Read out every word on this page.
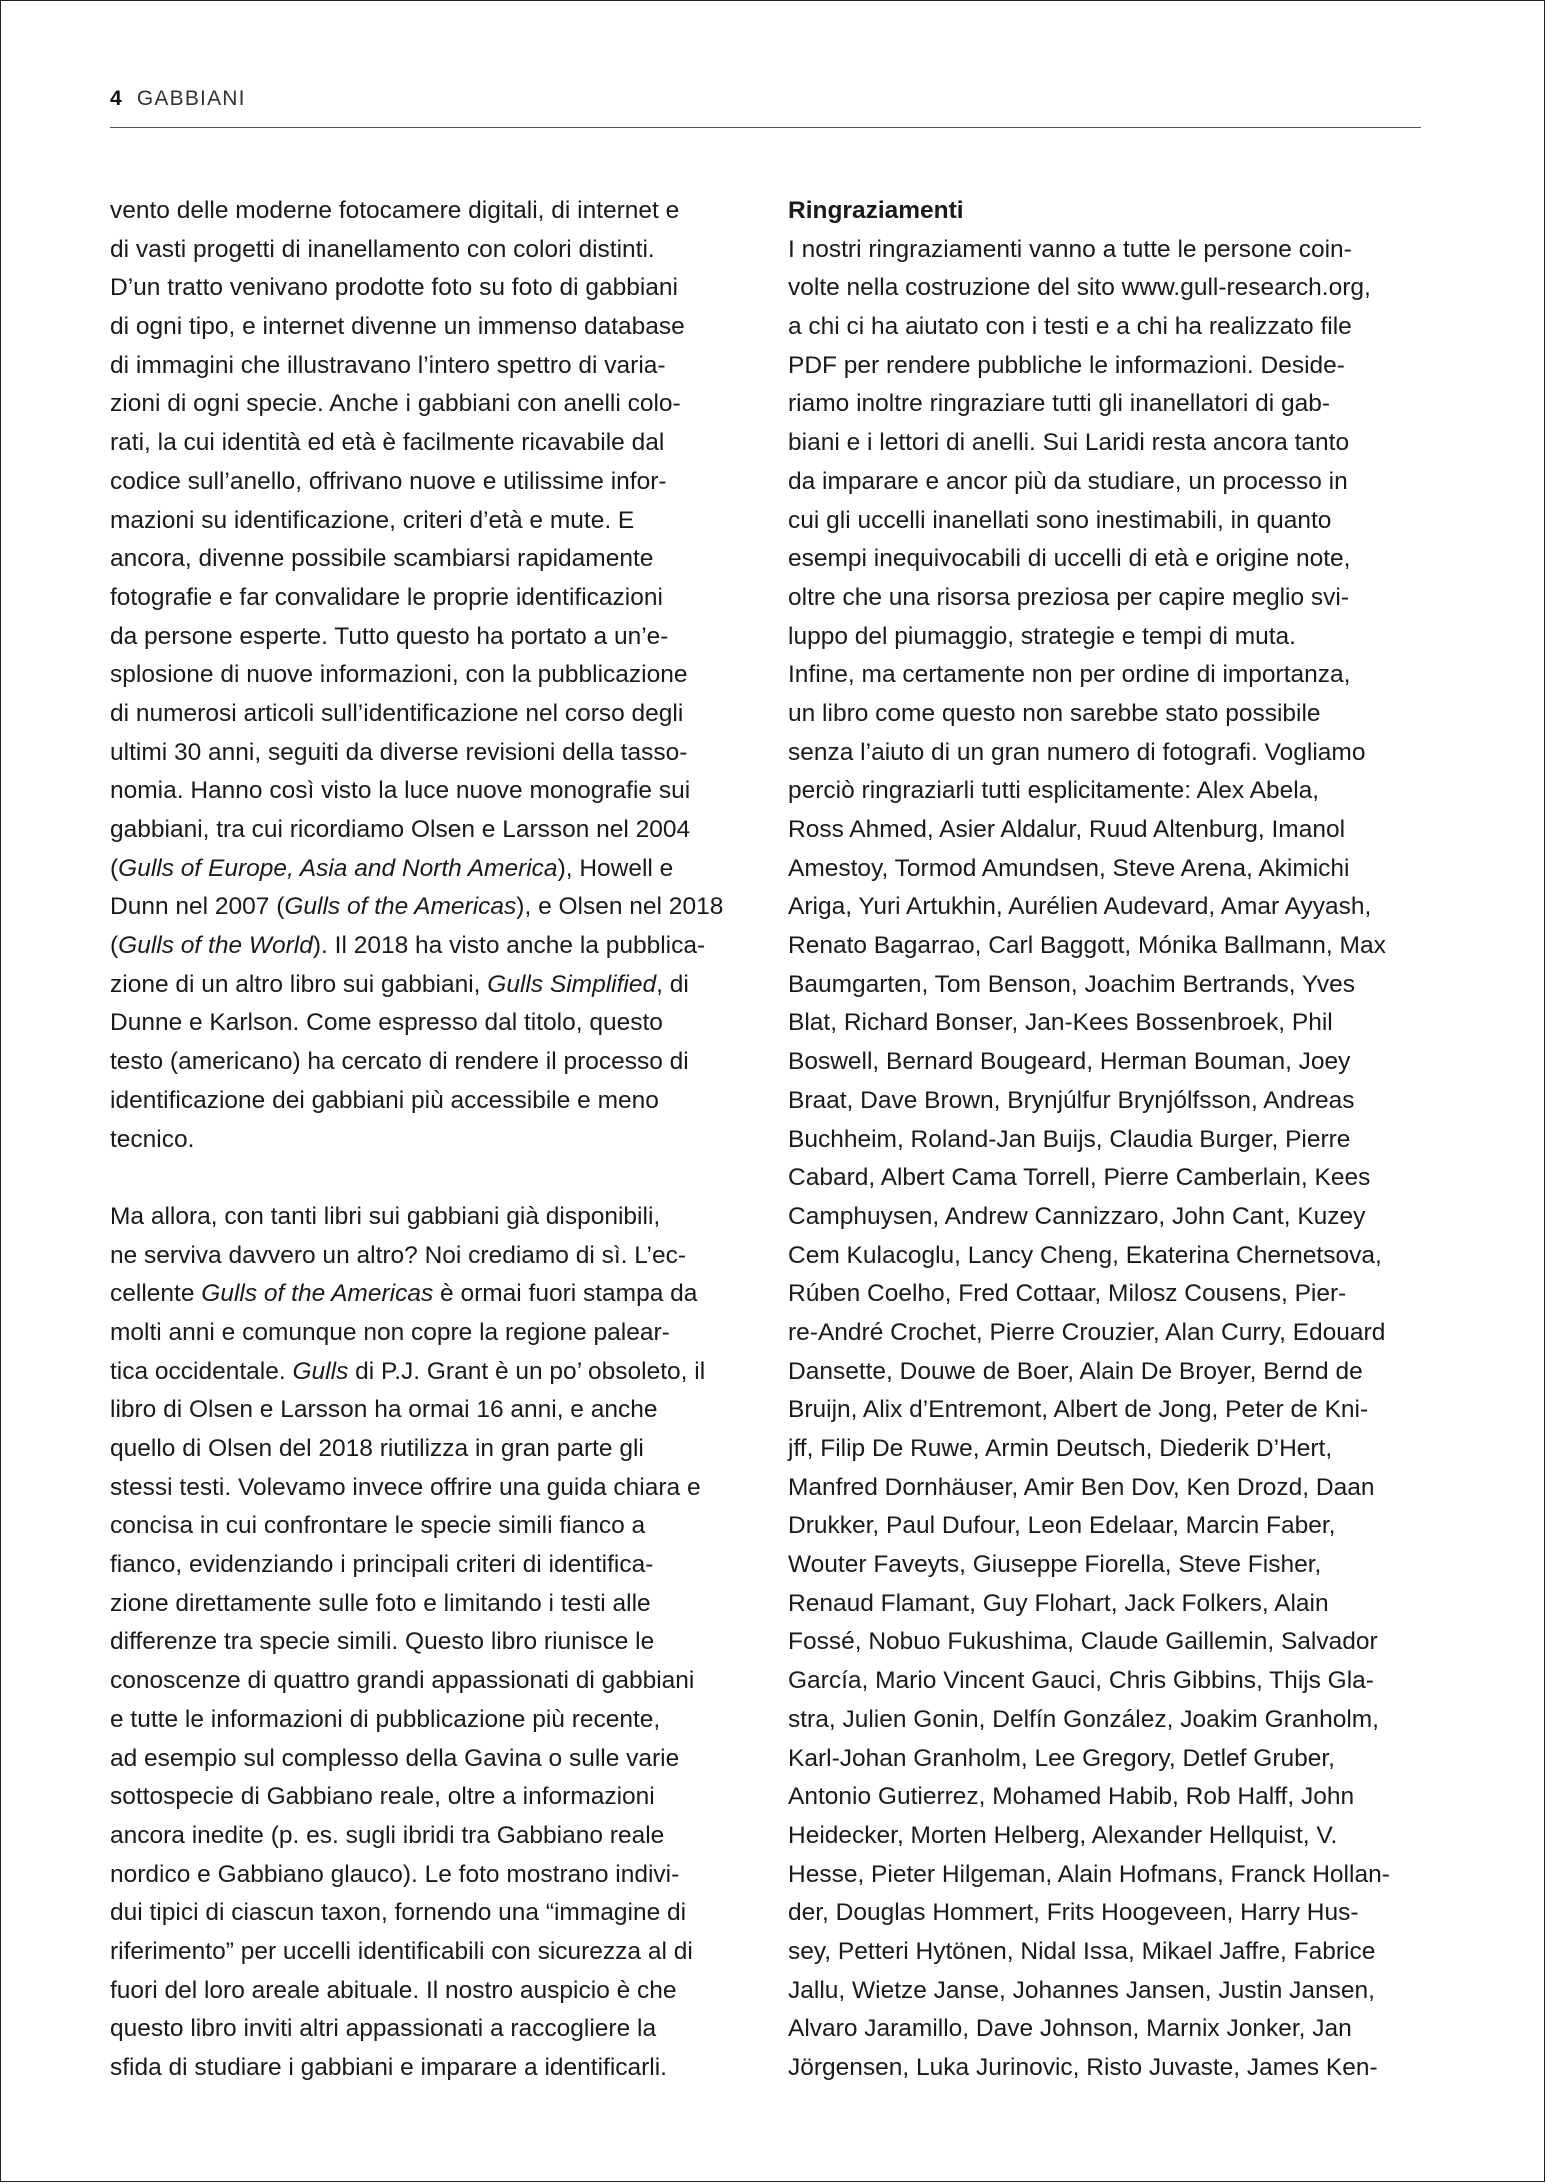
4 GABBIANI
vento delle moderne fotocamere digitali, di internet e
di vasti progetti di inanellamento con colori distinti.
D’un tratto venivano prodotte foto su foto di gabbiani
di ogni tipo, e internet divenne un immenso database
di immagini che illustravano l’intero spettro di varia-
zioni di ogni specie. Anche i gabbiani con anelli colo-
rati, la cui identità ed età è facilmente ricavabile dal
codice sull’anello, offrivano nuove e utilissime infor-
mazioni su identificazione, criteri d’età e mute. E
ancora, divenne possibile scambiarsi rapidamente
fotografie e far convalidare le proprie identificazioni
da persone esperte. Tutto questo ha portato a un’e-
splosione di nuove informazioni, con la pubblicazione
di numerosi articoli sull’identificazione nel corso degli
ultimi 30 anni, seguiti da diverse revisioni della tasso-
nomia. Hanno così visto la luce nuove monografie sui
gabbiani, tra cui ricordiamo Olsen e Larsson nel 2004
(Gulls of Europe, Asia and North America), Howell e
Dunn nel 2007 (Gulls of the Americas), e Olsen nel 2018
(Gulls of the World). Il 2018 ha visto anche la pubblica-
zione di un altro libro sui gabbiani, Gulls Simplified, di
Dunne e Karlson. Come espresso dal titolo, questo
testo (americano) ha cercato di rendere il processo di
identificazione dei gabbiani più accessibile e meno
tecnico.
Ma allora, con tanti libri sui gabbiani già disponibili,
ne serviva davvero un altro? Noi crediamo di sì. L’ec-
cellente Gulls of the Americas è ormai fuori stampa da
molti anni e comunque non copre la regione palear-
tica occidentale. Gulls di P.J. Grant è un po’ obsoleto, il
libro di Olsen e Larsson ha ormai 16 anni, e anche
quello di Olsen del 2018 riutilizza in gran parte gli
stessi testi. Volevamo invece offrire una guida chiara e
concisa in cui confrontare le specie simili fianco a
fianco, evidenziando i principali criteri di identifica-
zione direttamente sulle foto e limitando i testi alle
differenze tra specie simili. Questo libro riunisce le
conoscenze di quattro grandi appassionati di gabbiani
e tutte le informazioni di pubblicazione più recente,
ad esempio sul complesso della Gavina o sulle varie
sottospecie di Gabbiano reale, oltre a informazioni
ancora inedite (p. es. sugli ibridi tra Gabbiano reale
nordico e Gabbiano glauco). Le foto mostrano indivi-
dui tipici di ciascun taxon, fornendo una “immagine di
riferimento” per uccelli identificabili con sicurezza al di
fuori del loro areale abituale. Il nostro auspicio è che
questo libro inviti altri appassionati a raccogliere la
sfida di studiare i gabbiani e imparare a identificarli.
Ringraziamenti
I nostri ringraziamenti vanno a tutte le persone coin-
volte nella costruzione del sito www.gull-research.org,
a chi ci ha aiutato con i testi e a chi ha realizzato file
PDF per rendere pubbliche le informazioni. Deside-
riamo inoltre ringraziare tutti gli inanellatori di gab-
biani e i lettori di anelli. Sui Laridi resta ancora tanto
da imparare e ancor più da studiare, un processo in
cui gli uccelli inanellati sono inestimabili, in quanto
esempi inequivocabili di uccelli di età e origine note,
oltre che una risorsa preziosa per capire meglio svi-
luppo del piumaggio, strategie e tempi di muta.
Infine, ma certamente non per ordine di importanza,
un libro come questo non sarebbe stato possibile
senza l’aiuto di un gran numero di fotografi. Vogliamo
perciò ringraziarli tutti esplicitamente: Alex Abela,
Ross Ahmed, Asier Aldalur, Ruud Altenburg, Imanol
Amestoy, Tormod Amundsen, Steve Arena, Akimichi
Ariga, Yuri Artukhin, Aurélien Audevard, Amar Ayyash,
Renato Bagarrao, Carl Baggott, Mónika Ballmann, Max
Baumgarten, Tom Benson, Joachim Bertrands, Yves
Blat, Richard Bonser, Jan-Kees Bossenbroek, Phil
Boswell, Bernard Bougeard, Herman Bouman, Joey
Braat, Dave Brown, Brynjúlfur Brynjólfsson, Andreas
Buchheim, Roland-Jan Buijs, Claudia Burger, Pierre
Cabard, Albert Cama Torrell, Pierre Camberlain, Kees
Camphuysen, Andrew Cannizzaro, John Cant, Kuzey
Cem Kulacoglu, Lancy Cheng, Ekaterina Chernetsova,
Rúben Coelho, Fred Cottaar, Milosz Cousens, Pier-
re-André Crochet, Pierre Crouzier, Alan Curry, Edouard
Dansette, Douwe de Boer, Alain De Broyer, Bernd de
Bruijn, Alix d’Entremont, Albert de Jong, Peter de Kni-
jff, Filip De Ruwe, Armin Deutsch, Diederik D’Hert,
Manfred Dornhäuser, Amir Ben Dov, Ken Drozd, Daan
Drukker, Paul Dufour, Leon Edelaar, Marcin Faber,
Wouter Faveyts, Giuseppe Fiorella, Steve Fisher,
Renaud Flamant, Guy Flohart, Jack Folkers, Alain
Fossé, Nobuo Fukushima, Claude Gaillemin, Salvador
García, Mario Vincent Gauci, Chris Gibbins, Thijs Gla-
stra, Julien Gonin, Delfín González, Joakim Granholm,
Karl-Johan Granholm, Lee Gregory, Detlef Gruber,
Antonio Gutierrez, Mohamed Habib, Rob Halff, John
Heidecker, Morten Helberg, Alexander Hellquist, V.
Hesse, Pieter Hilgeman, Alain Hofmans, Franck Hollan-
der, Douglas Hommert, Frits Hoogeveen, Harry Hus-
sey, Petteri Hytönen, Nidal Issa, Mikael Jaffre, Fabrice
Jallu, Wietze Janse, Johannes Jansen, Justin Jansen,
Alvaro Jaramillo, Dave Johnson, Marnix Jonker, Jan
Jörgensen, Luka Jurinovic, Risto Juvaste, James Ken-
